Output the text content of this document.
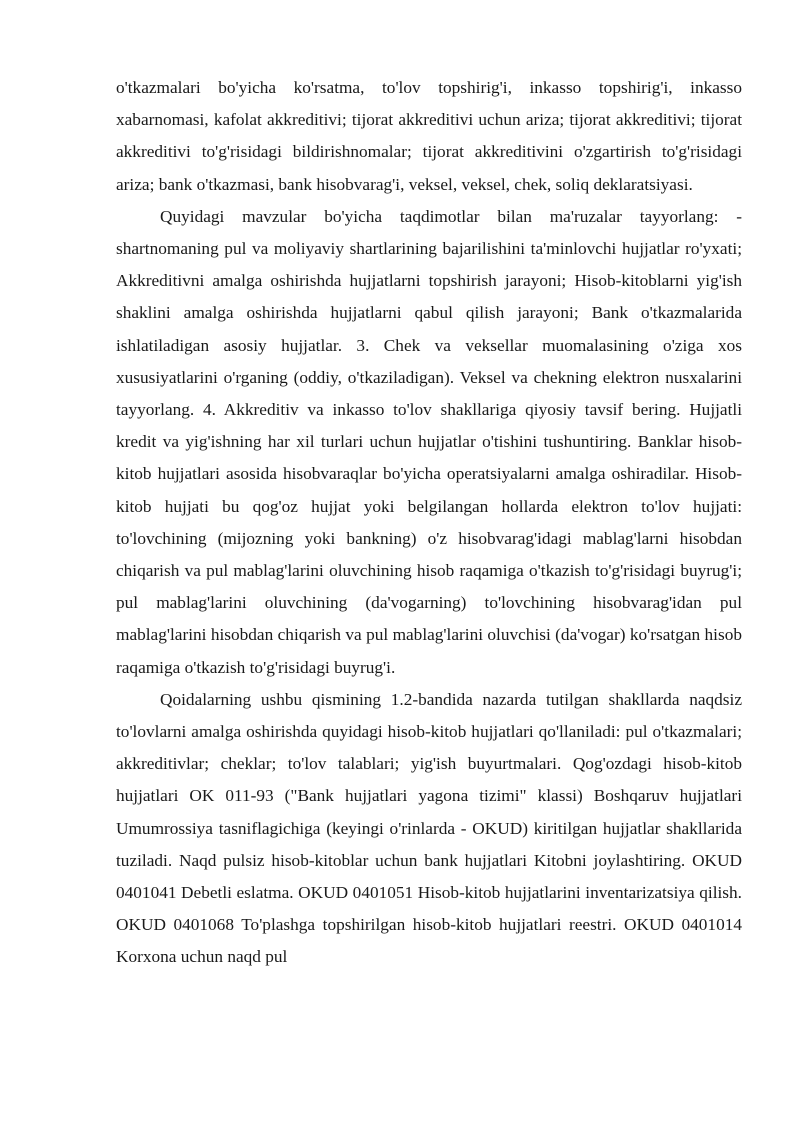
o'tkazmalari bo'yicha ko'rsatma, to'lov topshirig'i, inkasso topshirig'i, inkasso xabarnomasi, kafolat akkreditivi; tijorat akkreditivi uchun ariza; tijorat akkreditivi; tijorat akkreditivi to'g'risidagi bildirishnomalar; tijorat akkreditivini o'zgartirish to'g'risidagi ariza; bank o'tkazmasi, bank hisobvarag'i, veksel, veksel, chek, soliq deklaratsiyasi.

Quyidagi mavzular bo'yicha taqdimotlar bilan ma'ruzalar tayyorlang: - shartnomaning pul va moliyaviy shartlarining bajarilishini ta'minlovchi hujjatlar ro'yxati; Akkreditivni amalga oshirishda hujjatlarni topshirish jarayoni; Hisob-kitoblarni yig'ish shaklini amalga oshirishda hujjatlarni qabul qilish jarayoni; Bank o'tkazmalarida ishlatiladigan asosiy hujjatlar. 3. Chek va veksellar muomalasining o'ziga xos xususiyatlarini o'rganing (oddiy, o'tkaziladigan). Veksel va chekning elektron nusxalarini tayyorlang. 4. Akkreditiv va inkasso to'lov shakllariga qiyosiy tavsif bering. Hujjatli kredit va yig'ishning har xil turlari uchun hujjatlar o'tishini tushuntiring. Banklar hisob-kitob hujjatlari asosida hisobvaraqlar bo'yicha operatsiyalarni amalga oshiradilar. Hisob-kitob hujjati bu qog'oz hujjat yoki belgilangan hollarda elektron to'lov hujjati: to'lovchining (mijozning yoki bankning) o'z hisobvarag'idagi mablag'larni hisobdan chiqarish va pul mablag'larini oluvchining hisob raqamiga o'tkazish to'g'risidagi buyrug'i; pul mablag'larini oluvchining (da'vogarning) to'lovchining hisobvarag'idan pul mablag'larini hisobdan chiqarish va pul mablag'larini oluvchisi (da'vogar) ko'rsatgan hisob raqamiga o'tkazish to'g'risidagi buyrug'i.

Qoidalarning ushbu qismining 1.2-bandida nazarda tutilgan shakllarda naqdsiz to'lovlarni amalga oshirishda quyidagi hisob-kitob hujjatlari qo'llaniladi: pul o'tkazmalari; akkreditivlar; cheklar; to'lov talablari; yig'ish buyurtmalari. Qog'ozdagi hisob-kitob hujjatlari OK 011-93 ("Bank hujjatlari yagona tizimi" klassi) Boshqaruv hujjatlari Umumrossiya tasniflagichiga (keyingi o'rinlarda - OKUD) kiritilgan hujjatlar shakllarida tuziladi. Naqd pulsiz hisob-kitoblar uchun bank hujjatlari Kitobni joylashtiring. OKUD 0401041 Debetli eslatma. OKUD 0401051 Hisob-kitob hujjatlarini inventarizatsiya qilish. OKUD 0401068 To'plashga topshirilgan hisob-kitob hujjatlari reestri. OKUD 0401014 Korxona uchun naqd pul
